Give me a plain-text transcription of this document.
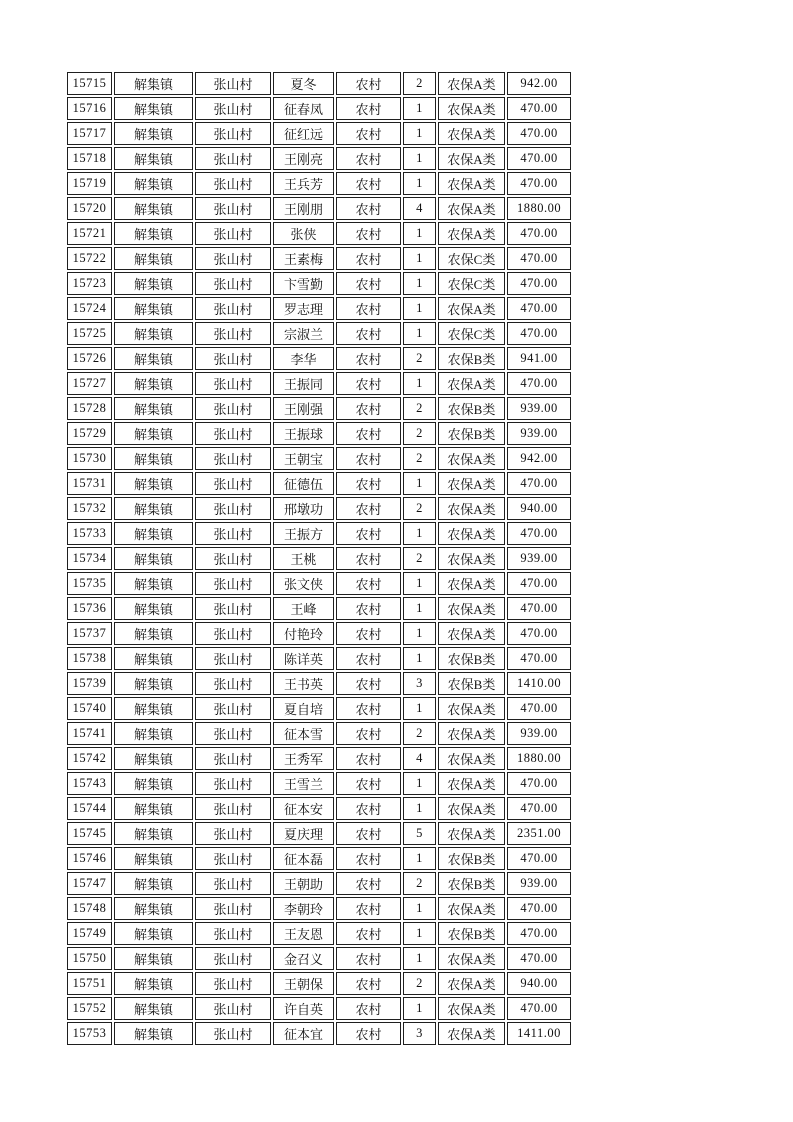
15715	解集镇	张山村	夏冬	农村	2	农保A类	942.00
15716	解集镇	张山村	征春凤	农村	1	农保A类	470.00
15717	解集镇	张山村	征红远	农村	1	农保A类	470.00
15718	解集镇	张山村	王刚亮	农村	1	农保A类	470.00
15719	解集镇	张山村	王兵芳	农村	1	农保A类	470.00
15720	解集镇	张山村	王刚朋	农村	4	农保A类	1880.00
15721	解集镇	张山村	张侠	农村	1	农保A类	470.00
15722	解集镇	张山村	王素梅	农村	1	农保C类	470.00
15723	解集镇	张山村	卞雪勤	农村	1	农保C类	470.00
15724	解集镇	张山村	罗志理	农村	1	农保A类	470.00
15725	解集镇	张山村	宗淑兰	农村	1	农保C类	470.00
15726	解集镇	张山村	李华	农村	2	农保B类	941.00
15727	解集镇	张山村	王振同	农村	1	农保A类	470.00
15728	解集镇	张山村	王刚强	农村	2	农保B类	939.00
15729	解集镇	张山村	王振球	农村	2	农保B类	939.00
15730	解集镇	张山村	王朝宝	农村	2	农保A类	942.00
15731	解集镇	张山村	征德伍	农村	1	农保A类	470.00
15732	解集镇	张山村	邢墩功	农村	2	农保A类	940.00
15733	解集镇	张山村	王振方	农村	1	农保A类	470.00
15734	解集镇	张山村	王桃	农村	2	农保A类	939.00
15735	解集镇	张山村	张文侠	农村	1	农保A类	470.00
15736	解集镇	张山村	王峰	农村	1	农保A类	470.00
15737	解集镇	张山村	付艳玲	农村	1	农保A类	470.00
15738	解集镇	张山村	陈详英	农村	1	农保B类	470.00
15739	解集镇	张山村	王书英	农村	3	农保B类	1410.00
15740	解集镇	张山村	夏自培	农村	1	农保A类	470.00
15741	解集镇	张山村	征本雪	农村	2	农保A类	939.00
15742	解集镇	张山村	王秀军	农村	4	农保A类	1880.00
15743	解集镇	张山村	王雪兰	农村	1	农保A类	470.00
15744	解集镇	张山村	征本安	农村	1	农保A类	470.00
15745	解集镇	张山村	夏庆理	农村	5	农保A类	2351.00
15746	解集镇	张山村	征本磊	农村	1	农保B类	470.00
15747	解集镇	张山村	王朝助	农村	2	农保B类	939.00
15748	解集镇	张山村	李朝玲	农村	1	农保A类	470.00
15749	解集镇	张山村	王友恩	农村	1	农保B类	470.00
15750	解集镇	张山村	金召义	农村	1	农保A类	470.00
15751	解集镇	张山村	王朝保	农村	2	农保A类	940.00
15752	解集镇	张山村	许自英	农村	1	农保A类	470.00
15753	解集镇	张山村	征本宜	农村	3	农保A类	1411.00
